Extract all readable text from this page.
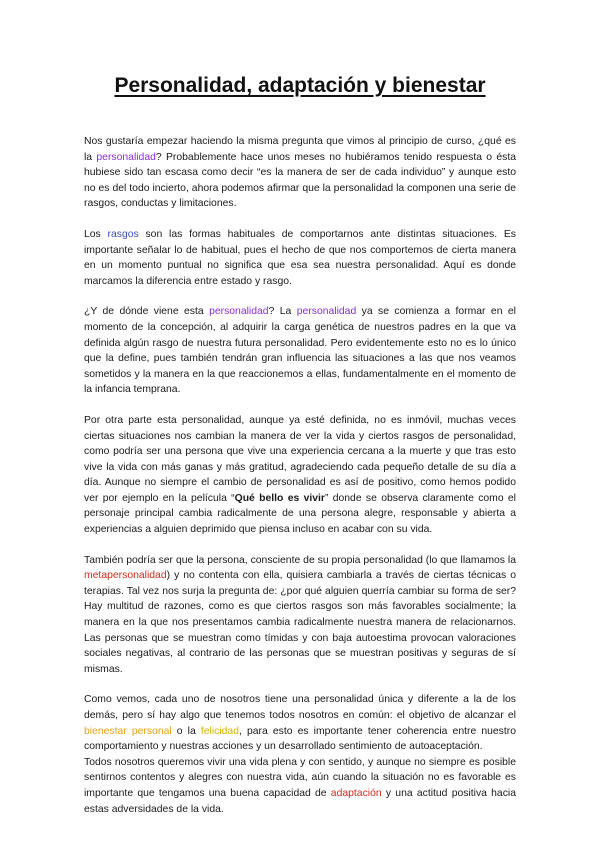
Personalidad, adaptación y bienestar

Nos gustaría empezar haciendo la misma pregunta que vimos al principio de curso, ¿qué es la personalidad? Probablemente hace unos meses no hubiéramos tenido respuesta o ésta hubiese sido tan escasa como decir “es la manera de ser de cada individuo” y aunque esto no es del todo incierto, ahora podemos afirmar que la personalidad la componen una serie de rasgos, conductas y limitaciones.

Los rasgos son las formas habituales de comportarnos ante distintas situaciones. Es importante señalar lo de habitual, pues el hecho de que nos comportemos de cierta manera en un momento puntual no significa que esa sea nuestra personalidad. Aquí es donde marcamos la diferencia entre estado y rasgo.

¿Y de dónde viene esta personalidad? La personalidad ya se comienza a formar en el momento de la concepción, al adquirir la carga genética de nuestros padres en la que va definida algún rasgo de nuestra futura personalidad. Pero evidentemente esto no es lo único que la define, pues también tendrán gran influencia las situaciones a las que nos veamos sometidos y la manera en la que reaccionemos a ellas, fundamentalmente en el momento de la infancia temprana.

Por otra parte esta personalidad, aunque ya esté definida, no es inmóvil, muchas veces ciertas situaciones nos cambian la manera de ver la vida y ciertos rasgos de personalidad, como podría ser una persona que vive una experiencia cercana a la muerte y que tras esto vive la vida con más ganas y más gratitud, agradeciendo cada pequeño detalle de su día a día. Aunque no siempre el cambio de personalidad es así de positivo, como hemos podido ver por ejemplo en la película “Qué bello es vivir” donde se observa claramente como el personaje principal cambia radicalmente de una persona alegre, responsable y abierta a experiencias a alguien deprimido que piensa incluso en acabar con su vida.

También podría ser que la persona, consciente de su propia personalidad (lo que llamamos la metapersonalidad) y no contenta con ella, quisiera cambiarla a través de ciertas técnicas o terapias. Tal vez nos surja la pregunta de: ¿por qué alguien querría cambiar su forma de ser? Hay multitud de razones, como es que ciertos rasgos son más favorables socialmente; la manera en la que nos presentamos cambia radicalmente nuestra manera de relacionarnos. Las personas que se muestran como tímidas y con baja autoestima provocan valoraciones sociales negativas, al contrario de las personas que se muestran positivas y seguras de sí mismas.

Como vemos, cada uno de nosotros tiene una personalidad única y diferente a la de los demás, pero sí hay algo que tenemos todos nosotros en común: el objetivo de alcanzar el bienestar personal o la felicidad, para esto es importante tener coherencia entre nuestro comportamiento y nuestras acciones y un desarrollado sentimiento de autoaceptación.

Todos nosotros queremos vivir una vida plena y con sentido, y aunque no siempre es posible sentirnos contentos y alegres con nuestra vida, aún cuando la situación no es favorable es importante que tengamos una buena capacidad de adaptación y una actitud positiva hacia estas adversidades de la vida.
